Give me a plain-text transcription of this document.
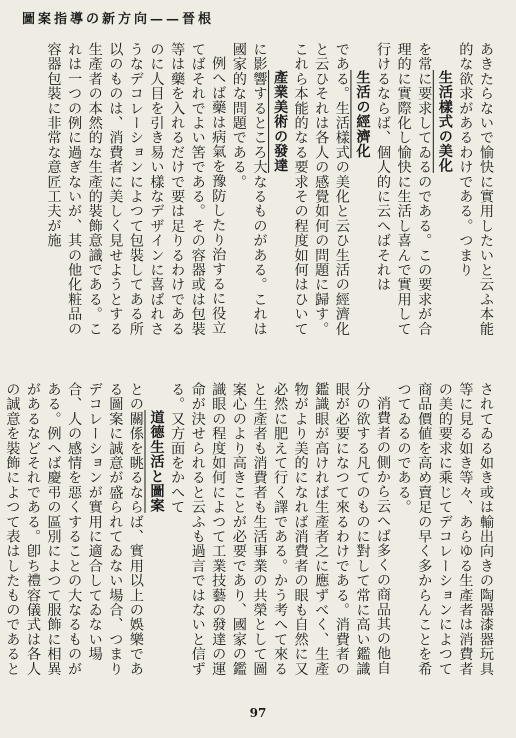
圖案指導の新方向——晉根

あきたらないで愉快に實用したいと云ふ本能的な欲求があるわけである。つまり

生活樣式の美化

を常に要求してゐるのである。この要求が合理的に實際化し愉快に生活し喜んで實用して行けるならば、個人的に云へばそれは

生活の經濟化

である。生活樣式の美化と云ひ生活の經濟化と云ひそれは各人の感覺如何の問題に歸す。これら本能的なる要求その程度如何はひいて

產業美術の發達

に影響するところ大なるものがある。これは國家的な問題である。

例へば藥は病氣を豫防したり治するに役立てばそれでよい筈である。その容器或は包裝等は藥を入れるだけで要は足りるわけであるのに人目を引き易い樣なデザインに喜ばれさうなデコレーションによつて包裝してある所以のものは、消費者に美しく見せようとする生產者の本然的な生產的裝飾意識である。これは一つの例に過ぎないが、其の他化粧品の容器包裝に非常な意匠工夫が施

されてゐる如き或は輸出向きの陶器漆器玩具等に見る如き等々、あらゆる生產者は消費者の美的要求に乘じてデコレーションによつて商品價値を高め賣足の早く多からんことを希つてゐるのである。

消費者の側から云へば多くの商品其の他自分の欲する凡てのものに對して常に高い鑑識眼が必要になつて來るわけである。消費者の鑑識眼が高ければ生產者之に應ずべく、生產物がより美的になれば消費者の眼も自然に又必然に肥えて行く譯である。かう考へて來ると生產者も消費者も生活事業の共榮として圖案心のより高きことが必要であり、國家の鑑識眼の程度如何によつて工業技藝の發達の運命が決せられると云ふも過言ではないと信ずる。又方面をかへて

道德生活と圖案

との關係を眺るならば、實用以上の娛樂である圖案に誠意が盛られてゐない場合、つまりデコレーションが實用に適合してゐない場合、人の感情を惡くすることの大なるものがある。例へば慶弔の區別によつて服飾に相異があるなどそれである。卽ち禮容儀式は各人の誠意を裝飾によつて表はしたものであると

97
